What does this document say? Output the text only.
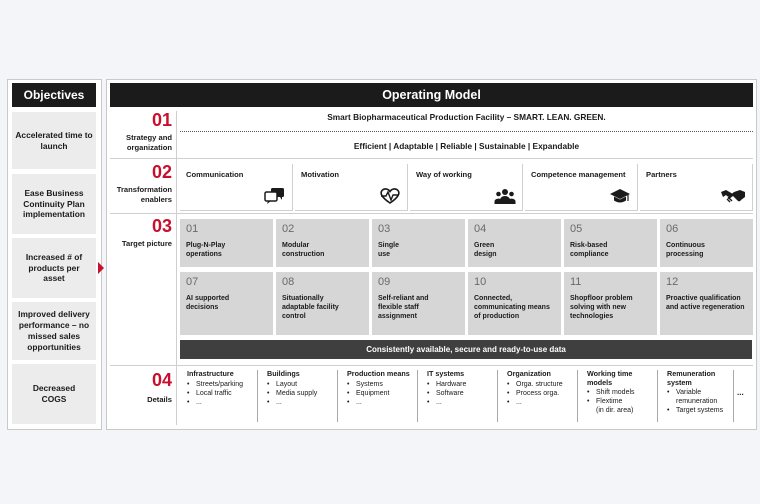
Objectives
Accelerated time to launch
Ease Business Continuity Plan implementation
Increased # of products per asset
Improved delivery performance – no missed sales opportunities
Decreased COGS
Operating Model
01
Strategy and organization
02
Transformation enablers
03
Target picture
04
Details
Smart Biopharmaceutical Production Facility – SMART. LEAN. GREEN.
Efficient | Adaptable | Reliable | Sustainable | Expandable
Communication	Motivation	Way of working	Competence management	Partners
01
Plug-N-Play operations
02
Modular construction
03
Single use
04
Green design
05
Risk-based compliance
06
Continuous processing
07
AI supported decisions
08
Situationally adaptable facility control
09
Self-reliant and flexible staff assignment
10
Connected, communicating means of production
11
Shopfloor problem solving with new technologies
12
Proactive qualification and active regeneration
Consistently available, secure and ready-to-use data
Infrastructure
• Streets/parking
• Local traffic
• ...
Buildings
• Layout
• Media supply
• ...
Production means
• Systems
• Equipment
• ...
IT systems
• Hardware
• Software
• ...
Organization
• Orga. structure
• Process orga.
• ...
Working time models
• Shift models
• Flextime
(in dir. area)
Remuneration system
• Variable remuneration
• Target systems
...
